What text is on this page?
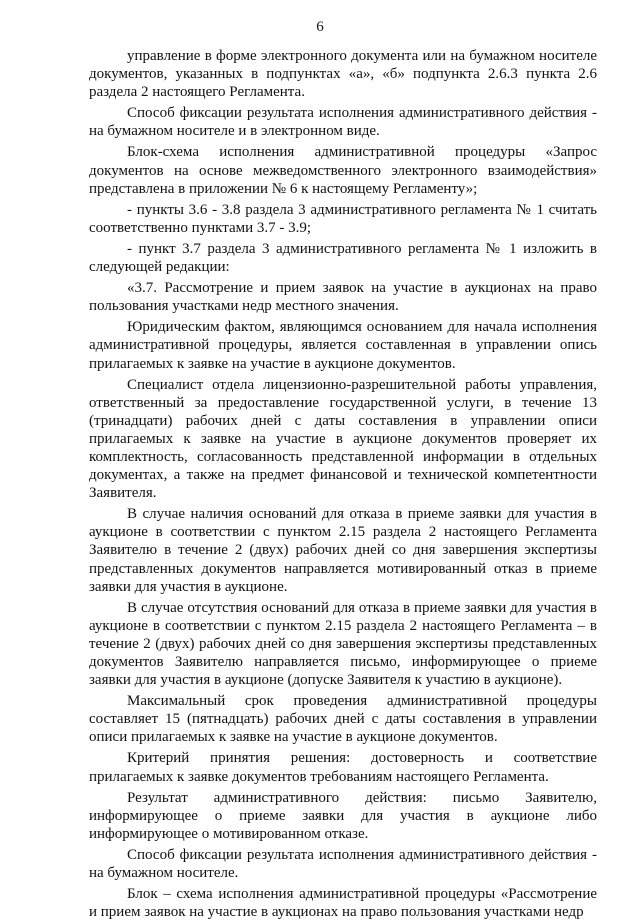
6

управление в форме электронного документа или на бумажном носителе документов, указанных в подпунктах «а», «б» подпункта 2.6.3 пункта 2.6 раздела 2 настоящего Регламента.

Способ фиксации результата исполнения административного действия - на бумажном носителе и в электронном виде.

Блок-схема исполнения административной процедуры «Запрос документов на основе межведомственного электронного взаимодействия» представлена в приложении № 6 к настоящему Регламенту»;

- пункты 3.6 - 3.8 раздела 3 административного регламента № 1 считать соответственно пунктами 3.7 - 3.9;

- пункт 3.7 раздела 3 административного регламента № 1 изложить в следующей редакции:

«3.7. Рассмотрение и прием заявок на участие в аукционах на право пользования участками недр местного значения.

Юридическим фактом, являющимся основанием для начала исполнения административной процедуры, является составленная в управлении опись прилагаемых к заявке на участие в аукционе документов.

Специалист отдела лицензионно-разрешительной работы управления, ответственный за предоставление государственной услуги, в течение 13 (тринадцати) рабочих дней с даты составления в управлении описи прилагаемых к заявке на участие в аукционе документов проверяет их комплектность, согласованность представленной информации в отдельных документах, а также на предмет финансовой и технической компетентности Заявителя.

В случае наличия оснований для отказа в приеме заявки для участия в аукционе в соответствии с пунктом 2.15 раздела 2 настоящего Регламента Заявителю в течение 2 (двух) рабочих дней со дня завершения экспертизы представленных документов направляется мотивированный отказ в приеме заявки для участия в аукционе.

В случае отсутствия оснований для отказа в приеме заявки для участия в аукционе в соответствии с пунктом 2.15 раздела 2 настоящего Регламента – в течение 2 (двух) рабочих дней со дня завершения экспертизы представленных документов Заявителю направляется письмо, информирующее о приеме заявки для участия в аукционе (допуске Заявителя к участию в аукционе).

Максимальный срок проведения административной процедуры составляет 15 (пятнадцать) рабочих дней с даты составления в управлении описи прилагаемых к заявке на участие в аукционе документов.

Критерий принятия решения: достоверность и соответствие прилагаемых к заявке документов требованиям настоящего Регламента.

Результат административного действия: письмо Заявителю, информирующее о приеме заявки для участия в аукционе либо информирующее о мотивированном отказе.

Способ фиксации результата исполнения административного действия - на бумажном носителе.

Блок – схема исполнения административной процедуры «Рассмотрение и прием заявок на участие в аукционах на право пользования участками недр
